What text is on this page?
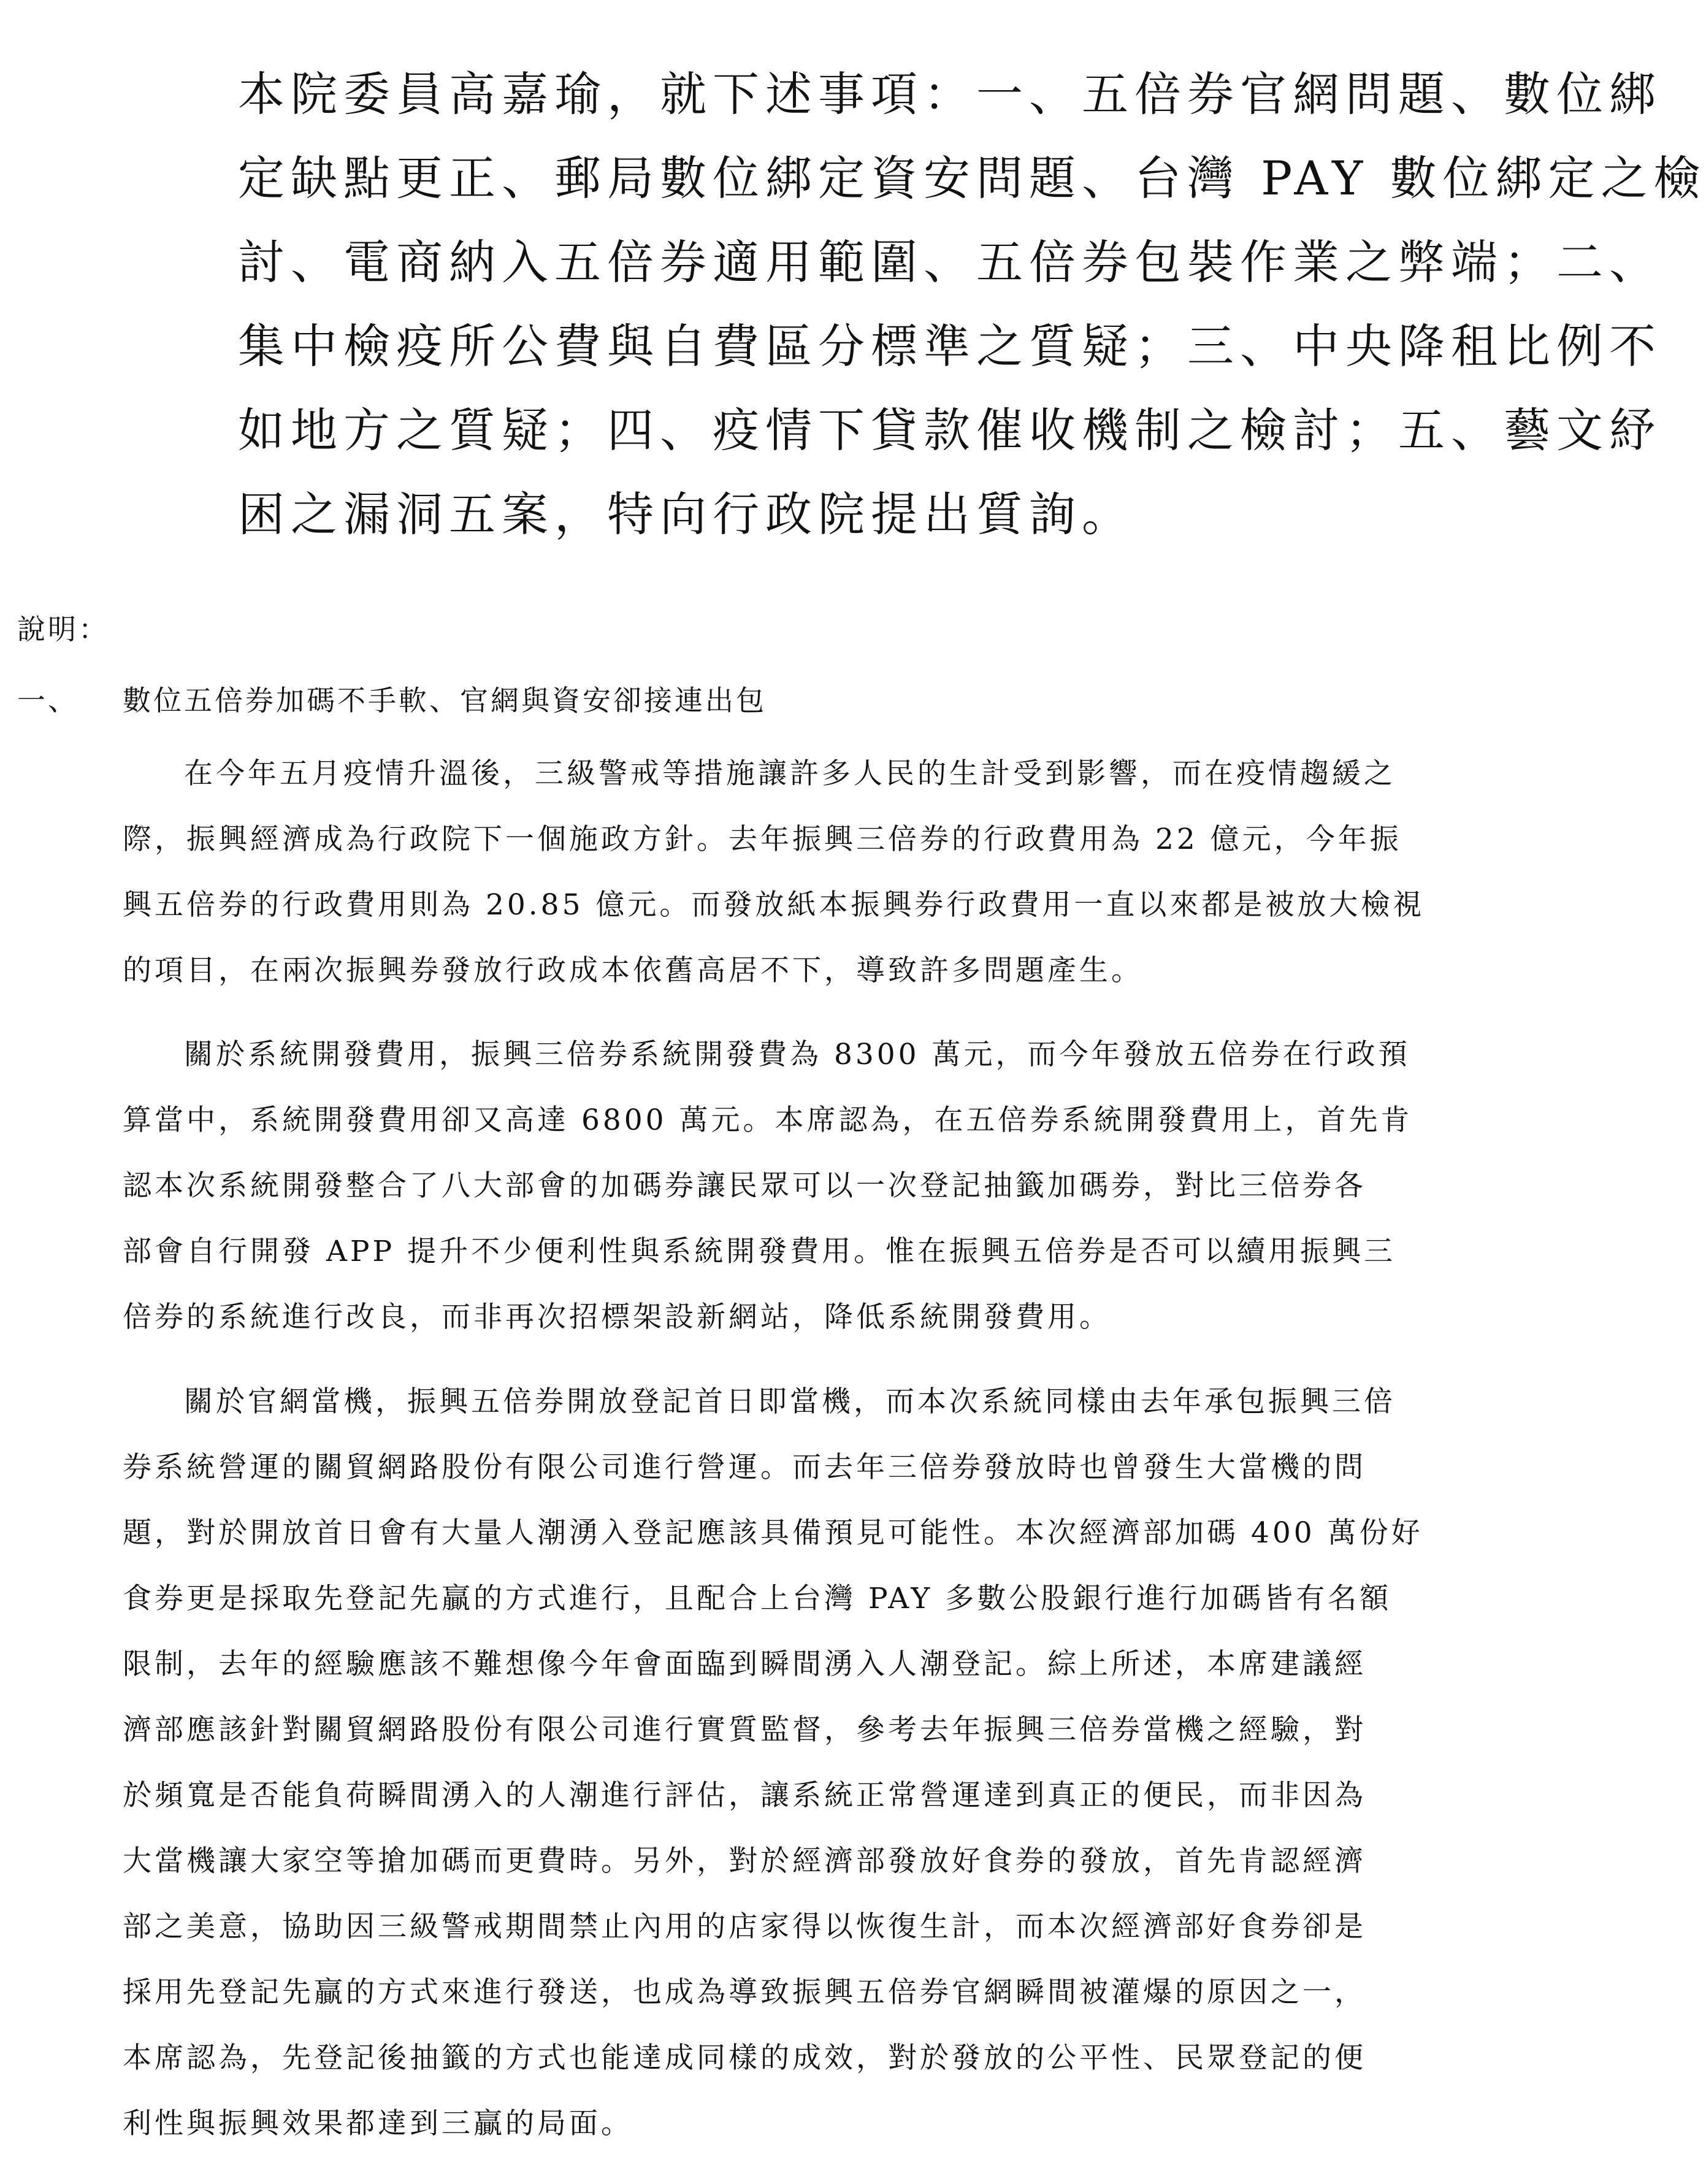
本院委員高嘉瑜，就下述事項：一、五倍券官網問題、數位綁
定缺點更正、郵局數位綁定資安問題、台灣 PAY 數位綁定之檢
討、電商納入五倍券適用範圍、五倍券包裝作業之弊端；二、
集中檢疫所公費與自費區分標準之質疑；三、中央降租比例不
如地方之質疑；四、疫情下貸款催收機制之檢討；五、藝文紓
困之漏洞五案，特向行政院提出質詢。
說明：
一、 數位五倍券加碼不手軟、官網與資安卻接連出包
在今年五月疫情升溫後，三級警戒等措施讓許多人民的生計受到影響，而在疫情趨緩之
際，振興經濟成為行政院下一個施政方針。去年振興三倍券的行政費用為 22 億元，今年振
興五倍券的行政費用則為 20.85 億元。而發放紙本振興券行政費用一直以來都是被放大檢視
的項目，在兩次振興券發放行政成本依舊高居不下，導致許多問題產生。
關於系統開發費用，振興三倍券系統開發費為 8300 萬元，而今年發放五倍券在行政預
算當中，系統開發費用卻又高達 6800 萬元。本席認為，在五倍券系統開發費用上，首先肯
認本次系統開發整合了八大部會的加碼券讓民眾可以一次登記抽籤加碼券，對比三倍券各
部會自行開發 APP 提升不少便利性與系統開發費用。惟在振興五倍券是否可以續用振興三
倍券的系統進行改良，而非再次招標架設新網站，降低系統開發費用。
關於官網當機，振興五倍券開放登記首日即當機，而本次系統同樣由去年承包振興三倍
券系統營運的關貿網路股份有限公司進行營運。而去年三倍券發放時也曾發生大當機的問
題，對於開放首日會有大量人潮湧入登記應該具備預見可能性。本次經濟部加碼 400 萬份好
食券更是採取先登記先贏的方式進行，且配合上台灣 PAY 多數公股銀行進行加碼皆有名額
限制，去年的經驗應該不難想像今年會面臨到瞬間湧入人潮登記。綜上所述，本席建議經
濟部應該針對關貿網路股份有限公司進行實質監督，參考去年振興三倍券當機之經驗，對
於頻寬是否能負荷瞬間湧入的人潮進行評估，讓系統正常營運達到真正的便民，而非因為
大當機讓大家空等搶加碼而更費時。另外，對於經濟部發放好食券的發放，首先肯認經濟
部之美意，協助因三級警戒期間禁止內用的店家得以恢復生計，而本次經濟部好食券卻是
採用先登記先贏的方式來進行發送，也成為導致振興五倍券官網瞬間被灌爆的原因之一，
本席認為，先登記後抽籤的方式也能達成同樣的成效，對於發放的公平性、民眾登記的便
利性與振興效果都達到三贏的局面。
